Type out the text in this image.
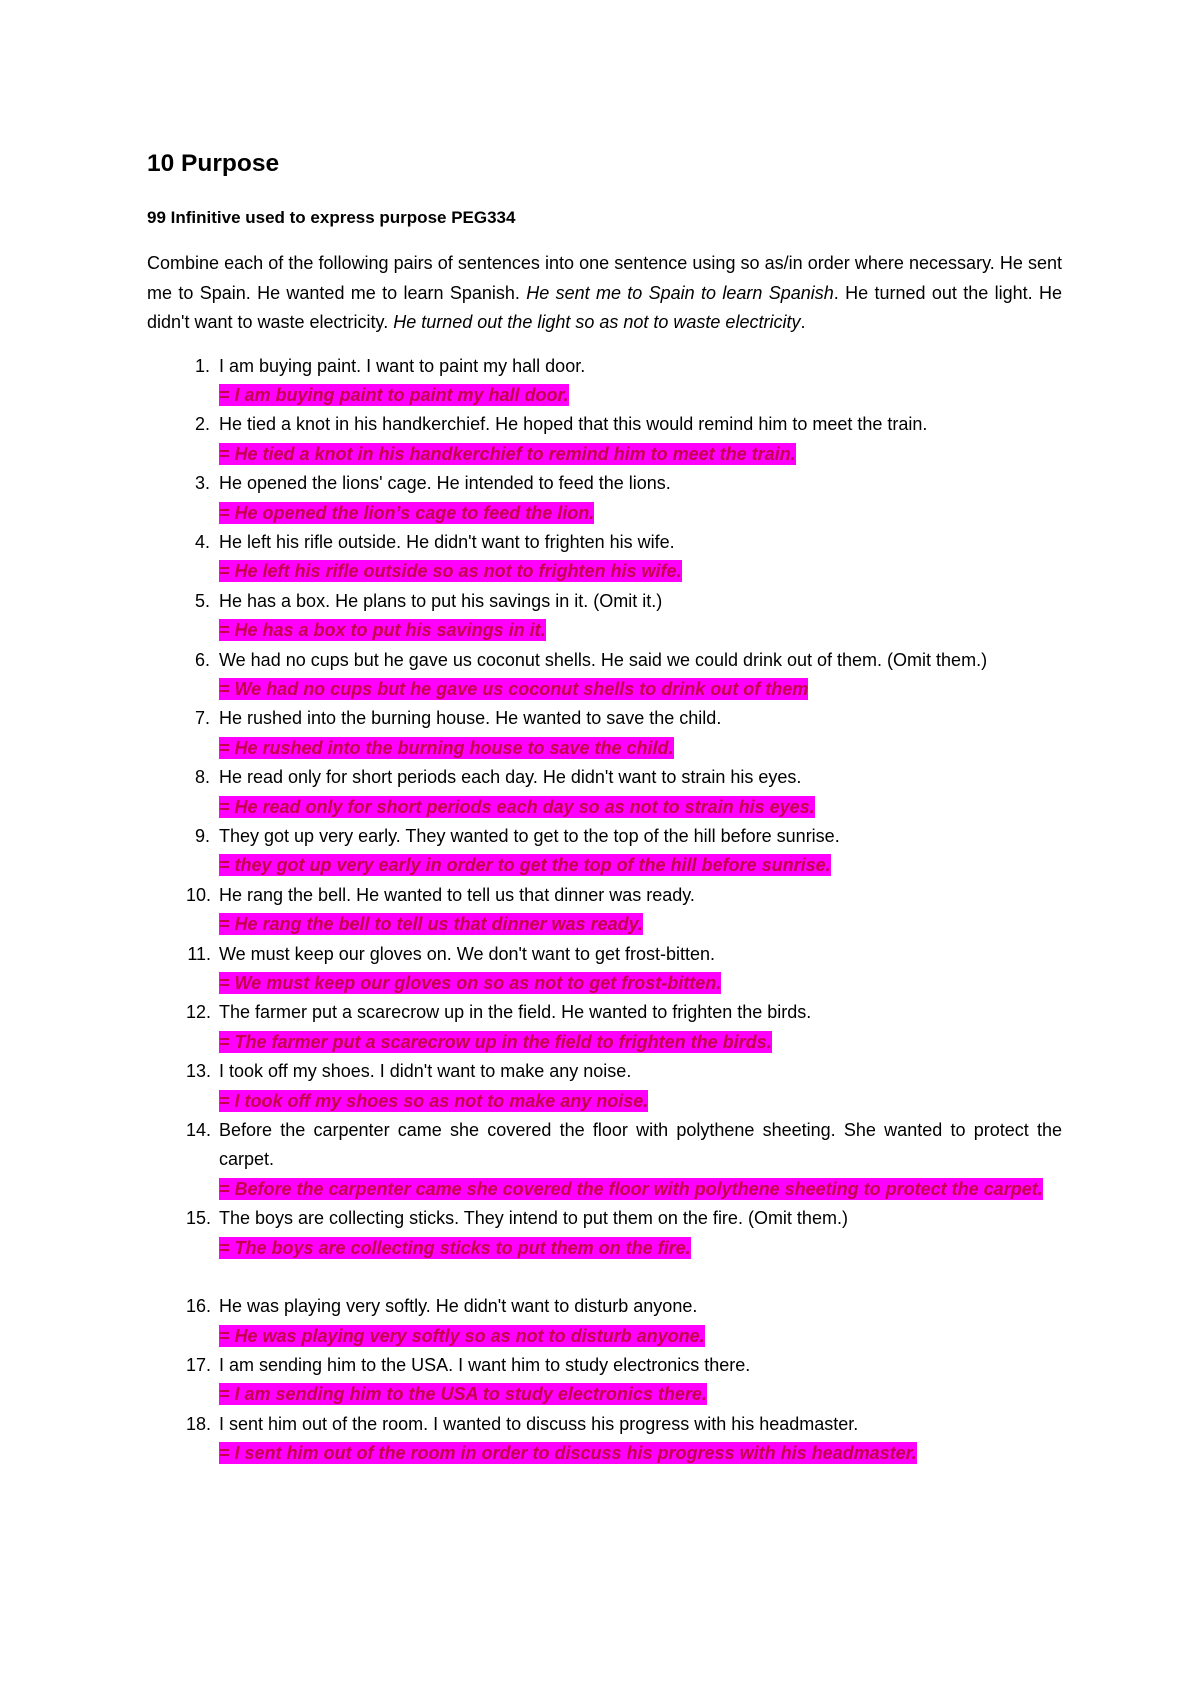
10 Purpose
99 Infinitive used to express purpose PEG334

Combine each of the following pairs of sentences into one sentence using so as/in order where necessary. He sent me to Spain. He wanted me to learn Spanish. He sent me to Spain to learn Spanish. He turned out the light. He didn't want to waste electricity. He turned out the light so as not to waste electricity.

1. I am buying paint. I want to paint my hall door.
= I am buying paint to paint my hall door.
2. He tied a knot in his handkerchief. He hoped that this would remind him to meet the train.
= He tied a knot in his handkerchief to remind him to meet the train.
3. He opened the lions' cage. He intended to feed the lions.
= He opened the lion’s cage to feed the lion.
4. He left his rifle outside. He didn't want to frighten his wife.
= He left his rifle outside so as not to frighten his wife.
5. He has a box. He plans to put his savings in it. (Omit it.)
= He has a box to put his savings in it.
6. We had no cups but he gave us coconut shells. He said we could drink out of them. (Omit them.)
= We had no cups but he gave us coconut shells to drink out of them
7. He rushed into the burning house. He wanted to save the child.
= He rushed into the burning house to save the child.
8. He read only for short periods each day. He didn't want to strain his eyes.
= He read only for short periods each day so as not to strain his eyes.
9. They got up very early. They wanted to get to the top of the hill before sunrise.
= they got up very early in order to get the top of the hill before sunrise.
10. He rang the bell. He wanted to tell us that dinner was ready.
= He rang the bell to tell us that dinner was ready.
11. We must keep our gloves on. We don't want to get frost-bitten.
= We must keep our gloves on so as not to get frost-bitten.
12. The farmer put a scarecrow up in the field. He wanted to frighten the birds.
= The farmer put a scarecrow up in the field to frighten the birds.
13. I took off my shoes. I didn't want to make any noise.
= I took off my shoes so as not to make any noise.
14. Before the carpenter came she covered the floor with polythene sheeting. She wanted to protect the carpet.
= Before the carpenter came she covered the floor with polythene sheeting to protect the carpet.
15. The boys are collecting sticks. They intend to put them on the fire. (Omit them.)
= The boys are collecting sticks to put them on the fire.
16. He was playing very softly. He didn't want to disturb anyone.
= He was playing very softly so as not to disturb anyone.
17. I am sending him to the USA. I want him to study electronics there.
= I am sending him to the USA to study electronics there.
18. I sent him out of the room. I wanted to discuss his progress with his headmaster.
= I sent him out of the room in order to discuss his progress with his headmaster.
